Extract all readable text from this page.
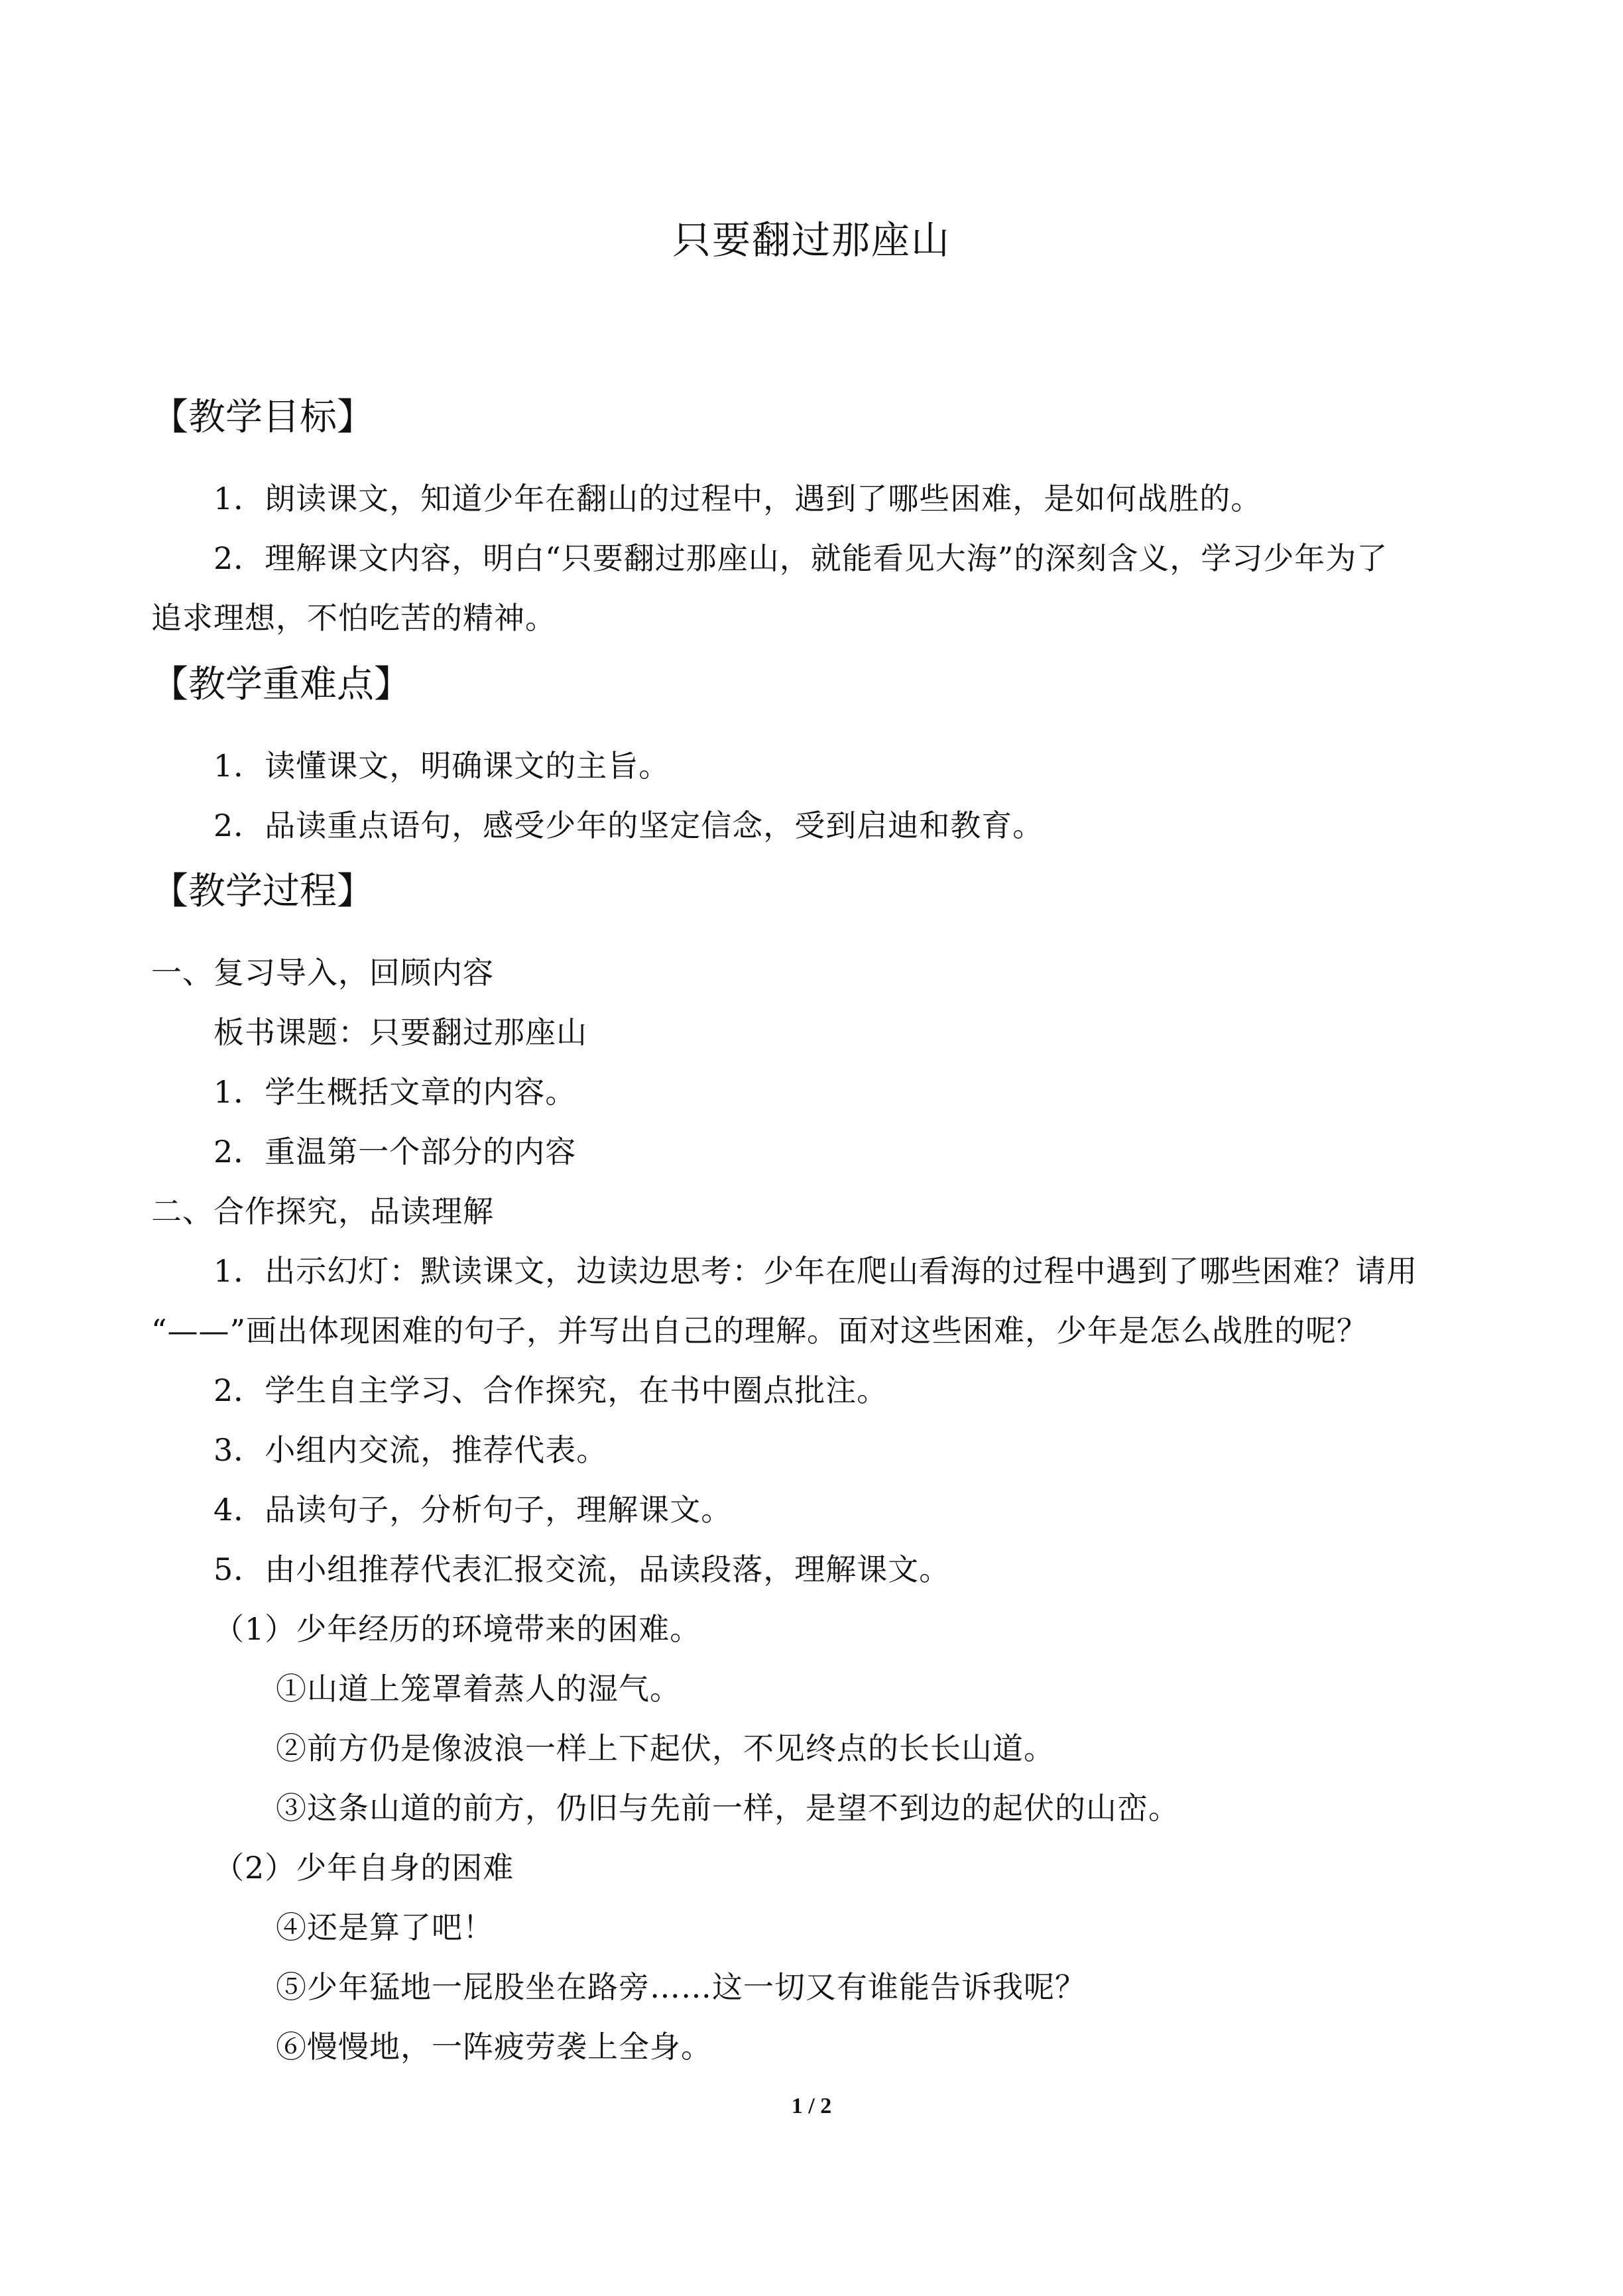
只要翻过那座山
【教学目标】
1．朗读课文，知道少年在翻山的过程中，遇到了哪些困难，是如何战胜的。
2．理解课文内容，明白“只要翻过那座山，就能看见大海”的深刻含义，学习少年为了
追求理想，不怕吃苦的精神。
【教学重难点】
1．读懂课文，明确课文的主旨。
2．品读重点语句，感受少年的坚定信念，受到启迪和教育。
【教学过程】
一、复习导入，回顾内容
板书课题：只要翻过那座山
1．学生概括文章的内容。
2．重温第一个部分的内容
二、合作探究，品读理解
1．出示幻灯：默读课文，边读边思考：少年在爬山看海的过程中遇到了哪些困难？请用
“——”画出体现困难的句子，并写出自己的理解。面对这些困难，少年是怎么战胜的呢？
2．学生自主学习、合作探究，在书中圈点批注。
3．小组内交流，推荐代表。
4．品读句子，分析句子，理解课文。
5．由小组推荐代表汇报交流，品读段落，理解课文。
（1）少年经历的环境带来的困难。
①山道上笼罩着蒸人的湿气。
②前方仍是像波浪一样上下起伏，不见终点的长长山道。
③这条山道的前方，仍旧与先前一样，是望不到边的起伏的山峦。
（2）少年自身的困难
④还是算了吧！
⑤少年猛地一屁股坐在路旁……这一切又有谁能告诉我呢？
⑥慢慢地，一阵疲劳袭上全身。
1 / 2
